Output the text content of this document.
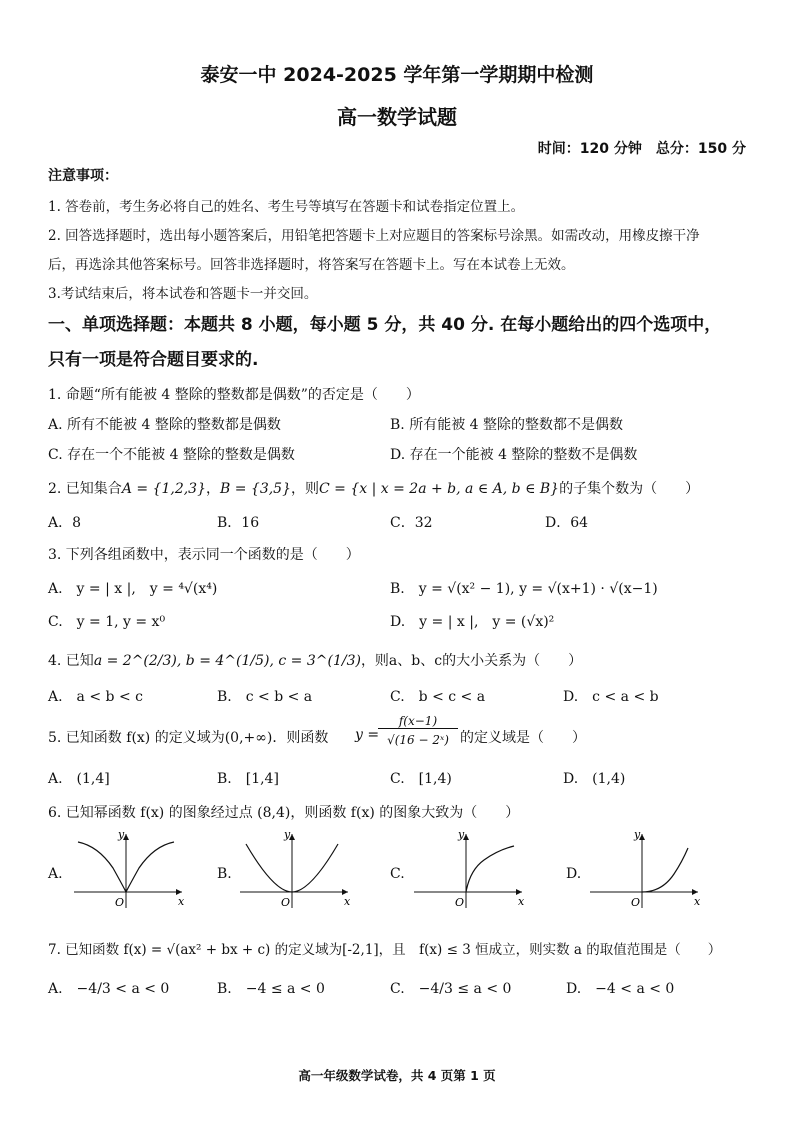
泰安一中 2024-2025 学年第一学期期中检测
高一数学试题
时间：120 分钟　总分：150 分
注意事项：
1. 答卷前，考生务必将自己的姓名、考生号等填写在答题卡和试卷指定位置上。
2. 回答选择题时，选出每小题答案后，用铅笔把答题卡上对应题目的答案标号涂黑。如需改动，用橡皮擦干净
后，再选涂其他答案标号。回答非选择题时，将答案写在答题卡上。写在本试卷上无效。
3.考试结束后，将本试卷和答题卡一并交回。
一、单项选择题：本题共 8 小题，每小题 5 分，共 40 分. 在每小题给出的四个选项中，
只有一项是符合题目要求的.
1. 命题“所有能被 4 整除的整数都是偶数”的否定是（　　）
A. 所有不能被 4 整除的整数都是偶数	B. 所有能被 4 整除的整数都不是偶数
C. 存在一个不能被 4 整除的整数是偶数	D. 存在一个能被 4 整除的整数不是偶数
2. 已知集合A = {1,2,3}，B = {3,5}，则C = {x | x = 2a + b, a ∈ A, b ∈ B}的子集个数为（　　）
A．8	B．16	C．32	D．64
3. 下列各组函数中，表示同一个函数的是（　　）
A.　y = | x |,　y = ⁴√(x⁴)	B.　y = √(x² − 1), y = √(x+1) · √(x−1)
C.　y = 1, y = x⁰	D.　y = | x |,　y = (√x)²
4. 已知a = 2^(2/3), b = 4^(1/5), c = 3^(1/3)，则a、b、c的大小关系为（　　）
A.　a < b < c	B.　c < b < a	C.　b < c < a	D.　c < a < b
5. 已知函数 f(x) 的定义域为(0,+∞)．则函数 y =
f(x−1)
√(16 − 2ˣ) 的定义域是（　　）
A.　(1,4]	B.　[1,4]	C.　[1,4)	D.　(1,4)
6. 已知幂函数 f(x) 的图象经过点 (8,4)，则函数 f(x) 的图象大致为（　　）
A.
y
x
O
B.
y
x
O
C.
y
x
O
D.
y
x
O
7. 已知函数 f(x) = √(ax² + bx + c) 的定义域为[-2,1]，且　f(x) ≤ 3 恒成立，则实数 a 的取值范围是（　　）
A.　−4/3 < a < 0	B.　−4 ≤ a < 0	C.　−4/3 ≤ a < 0	D.　−4 < a < 0
高一年级数学试卷，共 4 页第 1 页
